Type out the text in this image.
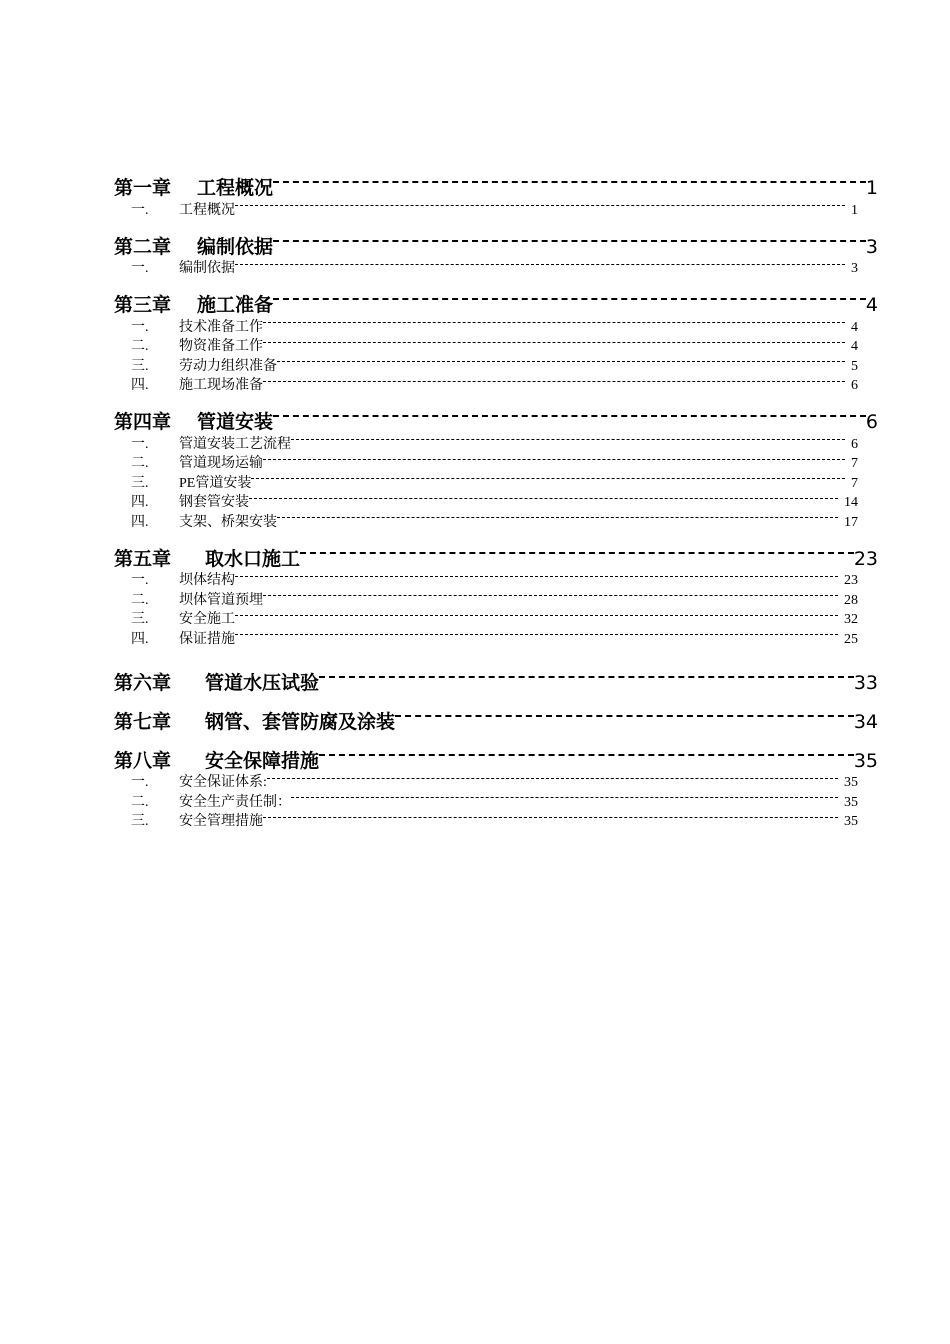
第一章 工程概况	1
一.	工程概况	1
第二章 编制依据	3
一.	编制依据	3
第三章 施工准备	4
一.	技术准备工作	4
二.	物资准备工作	4
三.	劳动力组织准备	5
四.	施工现场准备	6
第四章 管道安装	6
一.	管道安装工艺流程	6
二.	管道现场运输	7
三.	PE管道安装	7
四.	钢套管安装	14
四.	支架、桥架安装	17
第五章 取水口施工	23
一.	坝体结构	23
二.	坝体管道预埋	28
三.	安全施工	32
四.	保证措施	25
第六章 管道水压试验	33
第七章 钢管、套管防腐及涂装	34
第八章 安全保障措施	35
一.	安全保证体系:	35
二.	安全生产责任制：	35
三.	安全管理措施	35
